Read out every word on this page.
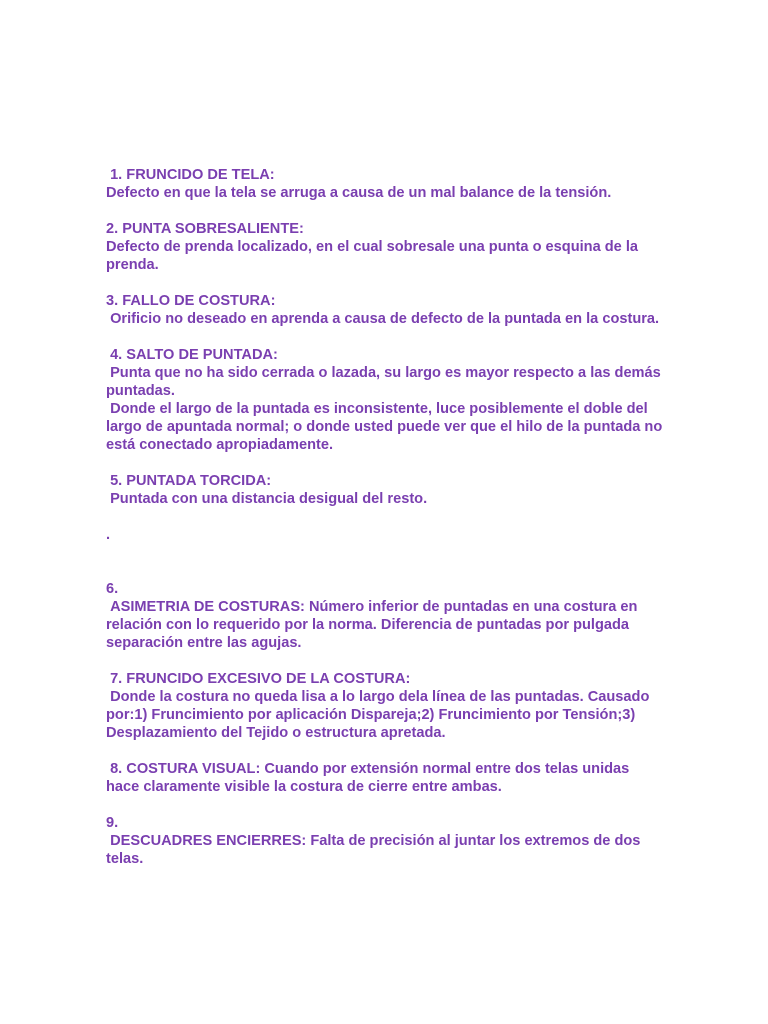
1. FRUNCIDO DE TELA:
Defecto en que la tela se arruga a causa de un mal balance de la tensión.
2. PUNTA SOBRESALIENTE:
Defecto de prenda localizado, en el cual sobresale una punta o esquina de la prenda.
3. FALLO DE COSTURA:
Orificio no deseado en aprenda a causa de defecto de la puntada en la costura.
4. SALTO DE PUNTADA:
Punta que no ha sido cerrada o lazada, su largo es mayor respecto a las demás puntadas.
Donde el largo de la puntada es inconsistente, luce posiblemente el doble del largo de apuntada normal; o donde usted puede ver que el hilo de la puntada no está conectado apropiadamente.
5. PUNTADA TORCIDA:
Puntada con una distancia desigual del resto.
.
6.
ASIMETRIA DE COSTURAS: Número inferior de puntadas en una costura en relación con lo requerido por la norma. Diferencia de puntadas por pulgada separación entre las agujas.
7. FRUNCIDO EXCESIVO DE LA COSTURA:
Donde la costura no queda lisa a lo largo dela línea de las puntadas. Causado por:1) Fruncimiento por aplicación Dispareja;2) Fruncimiento por Tensión;3) Desplazamiento del Tejido o estructura apretada.
8. COSTURA VISUAL: Cuando por extensión normal entre dos telas unidas hace claramente visible la costura de cierre entre ambas.
9.
DESCUADRES ENCIERRES: Falta de precisión al juntar los extremos de dos telas.
